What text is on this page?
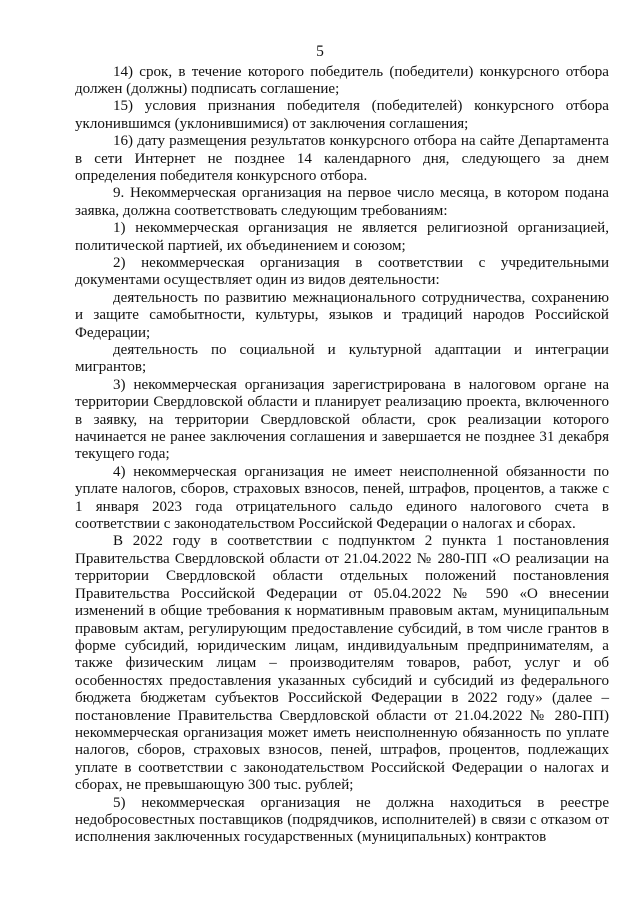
5

14) срок, в течение которого победитель (победители) конкурсного отбора должен (должны) подписать соглашение;

15) условия признания победителя (победителей) конкурсного отбора уклонившимся (уклонившимися) от заключения соглашения;

16) дату размещения результатов конкурсного отбора на сайте Департамента в сети Интернет не позднее 14 календарного дня, следующего за днем определения победителя конкурсного отбора.

9. Некоммерческая организация на первое число месяца, в котором подана заявка, должна соответствовать следующим требованиям:

1) некоммерческая организация не является религиозной организацией, политической партией, их объединением и союзом;

2) некоммерческая организация в соответствии с учредительными документами осуществляет один из видов деятельности:

деятельность по развитию межнационального сотрудничества, сохранению и защите самобытности, культуры, языков и традиций народов Российской Федерации;

деятельность по социальной и культурной адаптации и интеграции мигрантов;

3) некоммерческая организация зарегистрирована в налоговом органе на территории Свердловской области и планирует реализацию проекта, включенного в заявку, на территории Свердловской области, срок реализации которого начинается не ранее заключения соглашения и завершается не позднее 31 декабря текущего года;

4) некоммерческая организация не имеет неисполненной обязанности по уплате налогов, сборов, страховых взносов, пеней, штрафов, процентов, а также с 1 января 2023 года отрицательного сальдо единого налогового счета в соответствии с законодательством Российской Федерации о налогах и сборах.

В 2022 году в соответствии с подпунктом 2 пункта 1 постановления Правительства Свердловской области от 21.04.2022 № 280-ПП «О реализации на территории Свердловской области отдельных положений постановления Правительства Российской Федерации от 05.04.2022 № 590 «О внесении изменений в общие требования к нормативным правовым актам, муниципальным правовым актам, регулирующим предоставление субсидий, в том числе грантов в форме субсидий, юридическим лицам, индивидуальным предпринимателям, а также физическим лицам – производителям товаров, работ, услуг и об особенностях предоставления указанных субсидий и субсидий из федерального бюджета бюджетам субъектов Российской Федерации в 2022 году» (далее – постановление Правительства Свердловской области от 21.04.2022 № 280-ПП) некоммерческая организация может иметь неисполненную обязанность по уплате налогов, сборов, страховых взносов, пеней, штрафов, процентов, подлежащих уплате в соответствии с законодательством Российской Федерации о налогах и сборах, не превышающую 300 тыс. рублей;

5) некоммерческая организация не должна находиться в реестре недобросовестных поставщиков (подрядчиков, исполнителей) в связи с отказом от исполнения заключенных государственных (муниципальных) контрактов
